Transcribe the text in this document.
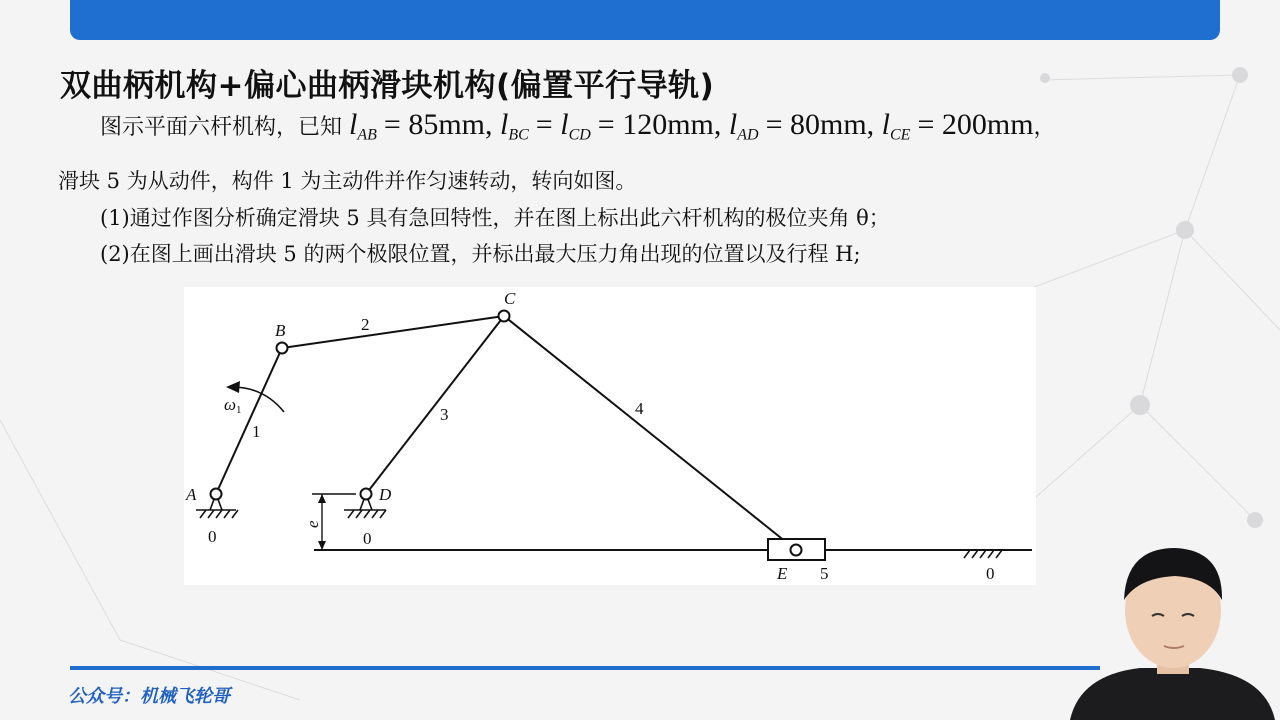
双曲柄机构+偏心曲柄滑块机构(偏置平行导轨)
图示平面六杆机构，已知 $l_{AB} = 85mm$, $l_{BC} = l_{CD} = 120mm$, $l_{AD} = 80mm$, $l_{CE} = 200mm$，
滑块 5 为从动件，构件 1 为主动件并作匀速转动，转向如图。
(1)通过作图分析确定滑块 5 具有急回特性，并在图上标出此六杆机构的极位夹角 θ；
(2)在图上画出滑块 5 的两个极限位置，并标出最大压力角出现的位置以及行程 H;
A
B
C
D
E
1
2
3	4
5
0	0
0
ω1
e
公众号：机械飞轮哥
